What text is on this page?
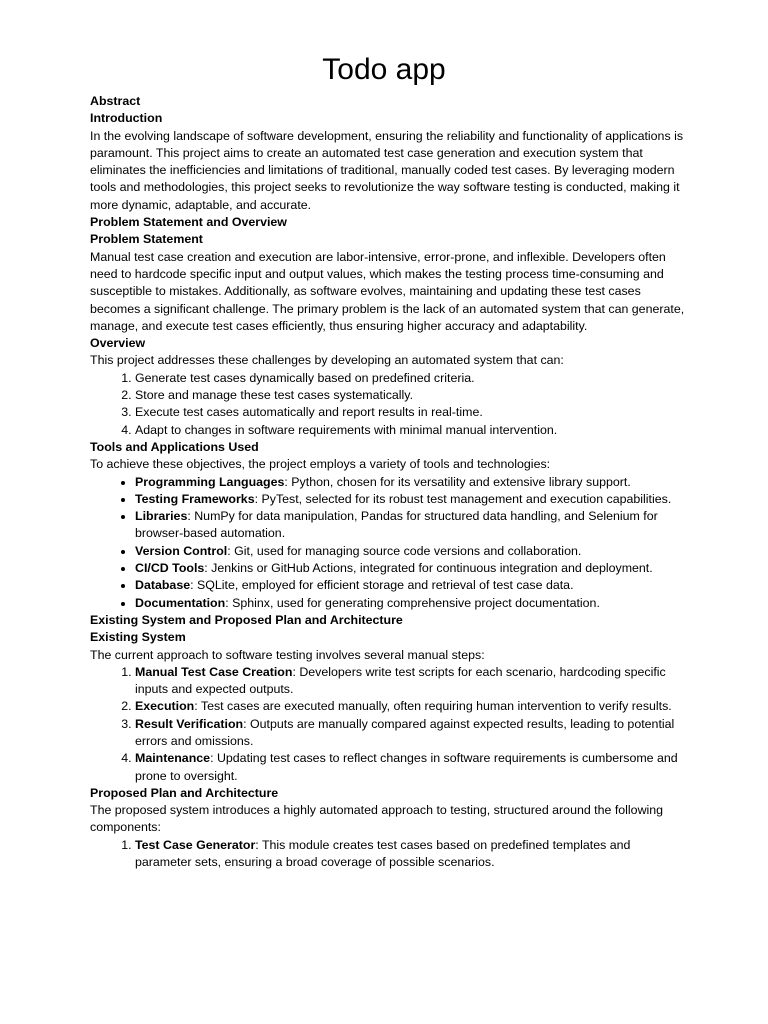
Todo app

Abstract

Introduction

In the evolving landscape of software development, ensuring the reliability and functionality of applications is paramount. This project aims to create an automated test case generation and execution system that eliminates the inefficiencies and limitations of traditional, manually coded test cases. By leveraging modern tools and methodologies, this project seeks to revolutionize the way software testing is conducted, making it more dynamic, adaptable, and accurate.

Problem Statement and Overview

Problem Statement

Manual test case creation and execution are labor-intensive, error-prone, and inflexible. Developers often need to hardcode specific input and output values, which makes the testing process time-consuming and susceptible to mistakes. Additionally, as software evolves, maintaining and updating these test cases becomes a significant challenge. The primary problem is the lack of an automated system that can generate, manage, and execute test cases efficiently, thus ensuring higher accuracy and adaptability.

Overview

This project addresses these challenges by developing an automated system that can:

1. Generate test cases dynamically based on predefined criteria.
2. Store and manage these test cases systematically.
3. Execute test cases automatically and report results in real-time.
4. Adapt to changes in software requirements with minimal manual intervention.

Tools and Applications Used

To achieve these objectives, the project employs a variety of tools and technologies:

• Programming Languages: Python, chosen for its versatility and extensive library support.
• Testing Frameworks: PyTest, selected for its robust test management and execution capabilities.
• Libraries: NumPy for data manipulation, Pandas for structured data handling, and Selenium for browser-based automation.
• Version Control: Git, used for managing source code versions and collaboration.
• CI/CD Tools: Jenkins or GitHub Actions, integrated for continuous integration and deployment.
• Database: SQLite, employed for efficient storage and retrieval of test case data.
• Documentation: Sphinx, used for generating comprehensive project documentation.

Existing System and Proposed Plan and Architecture

Existing System

The current approach to software testing involves several manual steps:

1. Manual Test Case Creation: Developers write test scripts for each scenario, hardcoding specific inputs and expected outputs.
2. Execution: Test cases are executed manually, often requiring human intervention to verify results.
3. Result Verification: Outputs are manually compared against expected results, leading to potential errors and omissions.
4. Maintenance: Updating test cases to reflect changes in software requirements is cumbersome and prone to oversight.

Proposed Plan and Architecture

The proposed system introduces a highly automated approach to testing, structured around the following components:

1. Test Case Generator: This module creates test cases based on predefined templates and parameter sets, ensuring a broad coverage of possible scenarios.
